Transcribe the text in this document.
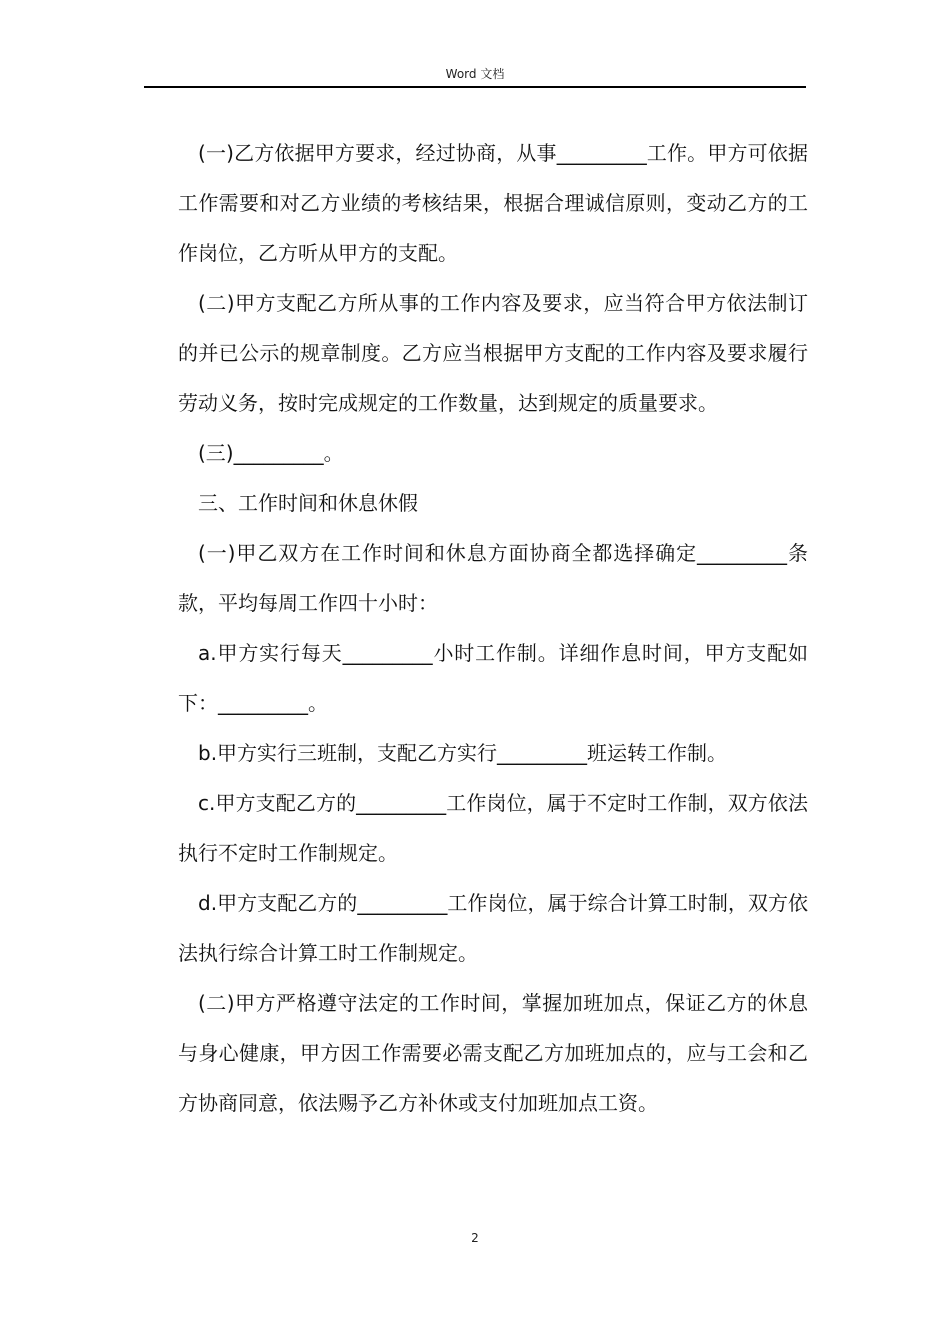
Word 文档

(一)乙方依据甲方要求，经过协商，从事_________工作。甲方可依据工作需要和对乙方业绩的考核结果，根据合理诚信原则，变动乙方的工作岗位，乙方听从甲方的支配。

(二)甲方支配乙方所从事的工作内容及要求，应当符合甲方依法制订的并已公示的规章制度。乙方应当根据甲方支配的工作内容及要求履行劳动义务，按时完成规定的工作数量，达到规定的质量要求。

(三)_________。

三、工作时间和休息休假

(一)甲乙双方在工作时间和休息方面协商全都选择确定_________条款，平均每周工作四十小时：

a.甲方实行每天_________小时工作制。详细作息时间，甲方支配如下：_________。

b.甲方实行三班制，支配乙方实行_________班运转工作制。

c.甲方支配乙方的_________工作岗位，属于不定时工作制，双方依法执行不定时工作制规定。

d.甲方支配乙方的_________工作岗位，属于综合计算工时制，双方依法执行综合计算工时工作制规定。

(二)甲方严格遵守法定的工作时间，掌握加班加点，保证乙方的休息与身心健康，甲方因工作需要必需支配乙方加班加点的，应与工会和乙方协商同意，依法赐予乙方补休或支付加班加点工资。

2
